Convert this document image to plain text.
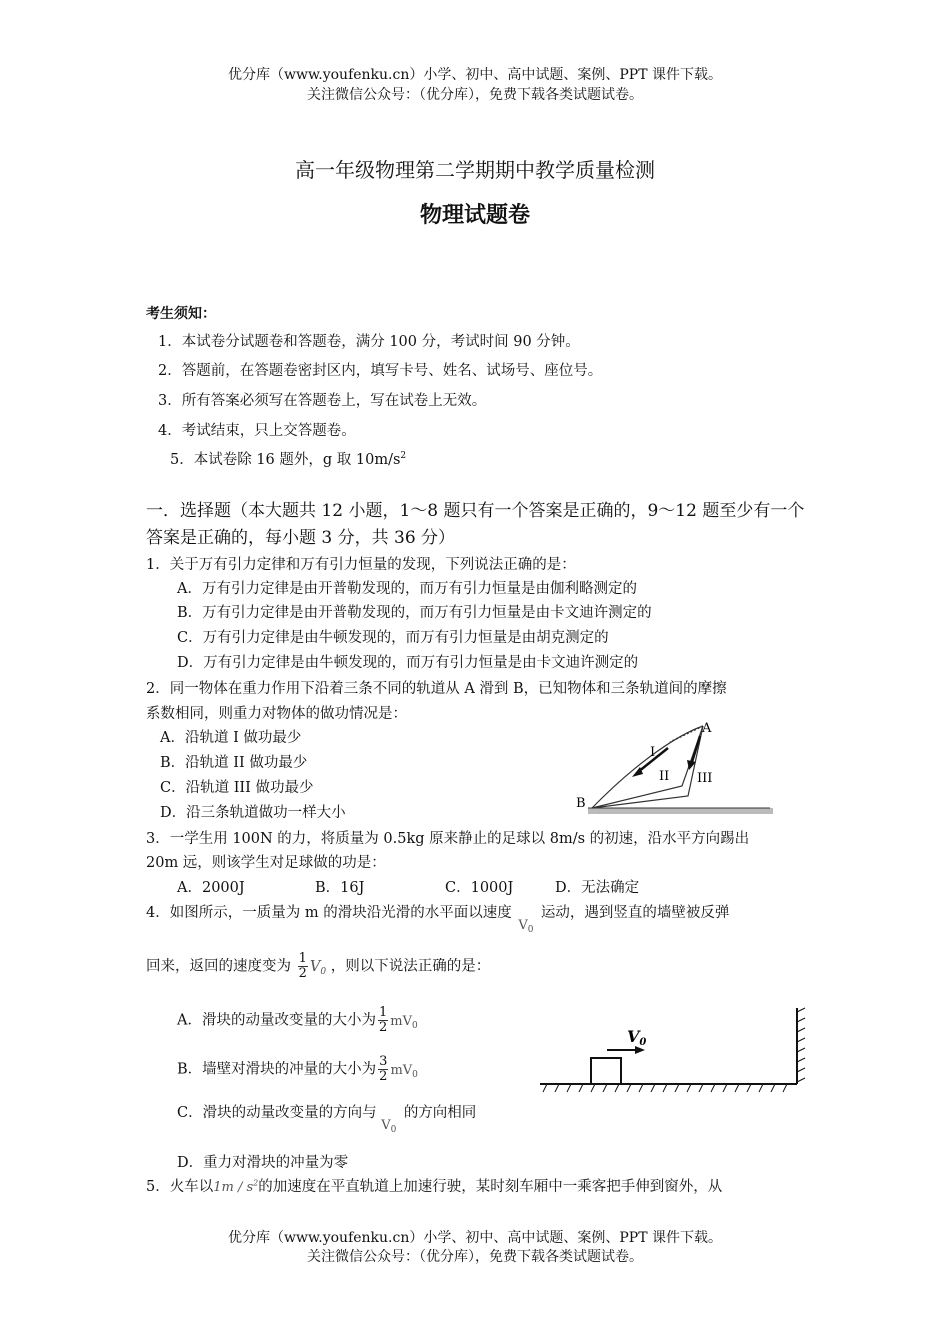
优分库（www.youfenku.cn）小学、初中、高中试题、案例、PPT 课件下载。
关注微信公众号：（优分库），免费下载各类试题试卷。
高一年级物理第二学期期中教学质量检测
物理试题卷
考生须知：
1．本试卷分试题卷和答题卷，满分 100 分，考试时间 90 分钟。
2．答题前，在答题卷密封区内，填写卡号、姓名、试场号、座位号。
3．所有答案必须写在答题卷上，写在试卷上无效。
4．考试结束，只上交答题卷。
5．本试卷除 16 题外，g 取 $10m/s^2$
一．选择题（本大题共 12 小题，1～8 题只有一个答案是正确的，9～12 题至少有一个答案是正确的，每小题 3 分，共 36 分）
1．关于万有引力定律和万有引力恒量的发现，下列说法正确的是：
A．万有引力定律是由开普勒发现的，而万有引力恒量是由伽利略测定的
B．万有引力定律是由开普勒发现的，而万有引力恒量是由卡文迪许测定的
C．万有引力定律是由牛顿发现的，而万有引力恒量是由胡克测定的
D．万有引力定律是由牛顿发现的，而万有引力恒量是由卡文迪许测定的
2．同一物体在重力作用下沿着三条不同的轨道从 A 滑到 B，已知物体和三条轨道间的摩擦
系数相同，则重力对物体的做功情况是：
A．沿轨道 I 做功最少
B．沿轨道 II 做功最少
C．沿轨道 III 做功最少
D．沿三条轨道做功一样大小
A
B
I
II III
3．一学生用 100N 的力，将质量为 0.5kg 原来静止的足球以 8m/s 的初速，沿水平方向踢出
20m 远，则该学生对足球做的功是：
A．2000J	B．16J	C．1000J	D．无法确定
4．如图所示，一质量为 m 的滑块沿光滑的水平面以速度 $V_0$ 运动，遇到竖直的墙壁被反弹
回来，返回的速度变为 $\frac{1}{2} V_0$ ，则以下说法正确的是：
A．滑块的动量改变量的大小为 $\frac{1}{2} mV_0$
B．墙壁对滑块的冲量的大小为 $\frac{3}{2} mV_0$
C．滑块的动量改变量的方向与 $V_0$ 的方向相同
D．重力对滑块的冲量为零
V0
5．火车以$1m / s^2$的加速度在平直轨道上加速行驶，某时刻车厢中一乘客把手伸到窗外，从
优分库（www.youfenku.cn）小学、初中、高中试题、案例、PPT 课件下载。
关注微信公众号：（优分库），免费下载各类试题试卷。
